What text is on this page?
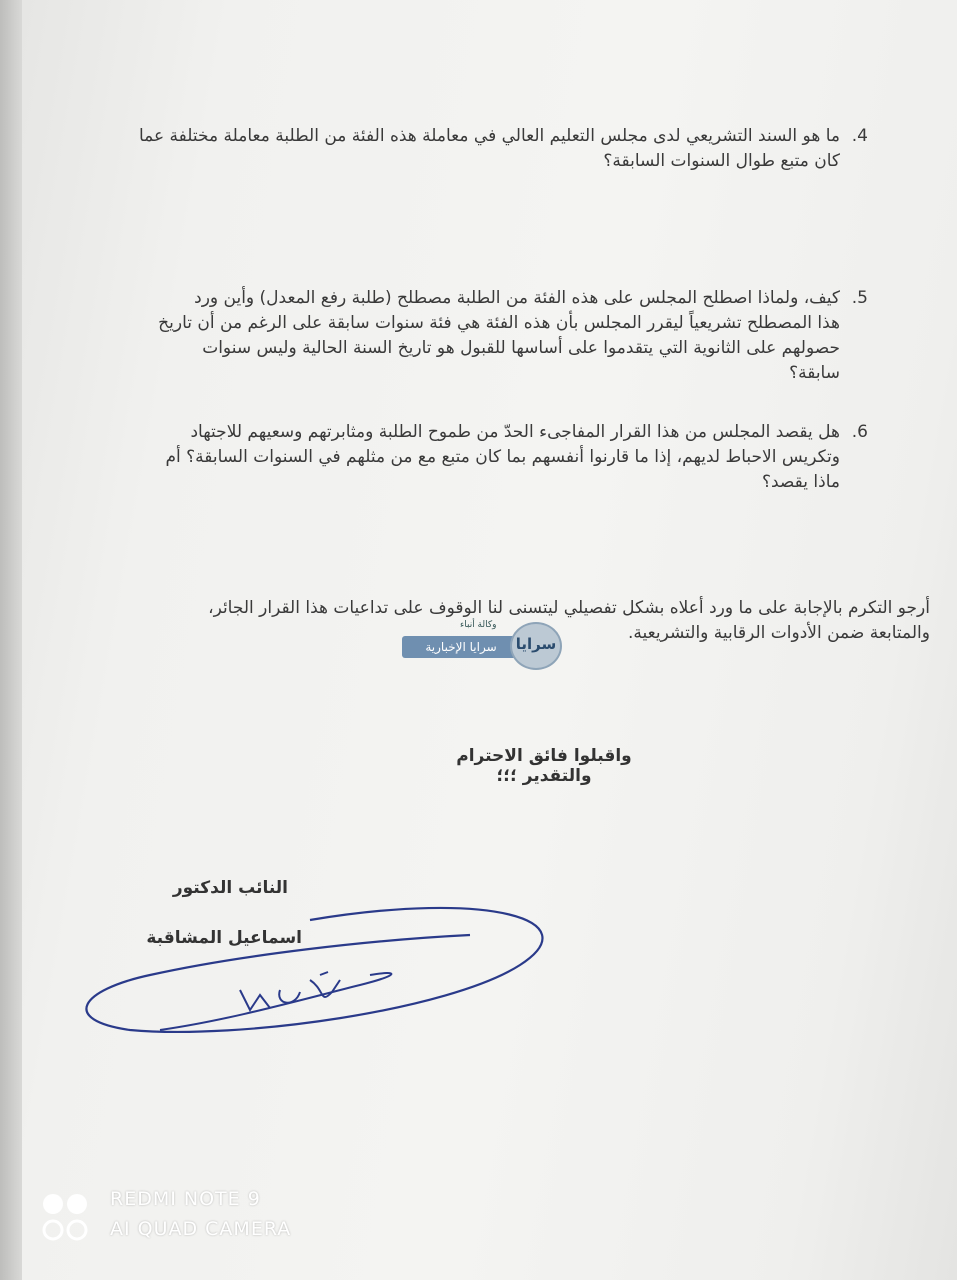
.4
ما هو السند التشريعي لدى مجلس التعليم العالي في معاملة هذه الفئة من الطلبة معاملة مختلفة عما
كان متبع طوال السنوات السابقة؟
.5
كيف، ولماذا اصطلح المجلس على هذه الفئة من الطلبة مصطلح (طلبة رفع المعدل) وأين ورد
هذا المصطلح تشريعياً ليقرر المجلس بأن هذه الفئة هي فئة سنوات سابقة على الرغم من أن تاريخ
حصولهم على الثانوية التي يتقدموا على أساسها للقبول هو تاريخ السنة الحالية وليس سنوات
سابقة؟
.6
هل يقصد المجلس من هذا القرار المفاجىء الحدّ من طموح الطلبة ومثابرتهم وسعيهم للاجتهاد
وتكريس الاحباط لديهم، إذا ما قارنوا أنفسهم بما كان متبع مع من مثلهم في السنوات السابقة؟ أم
ماذا يقصد؟
أرجو التكرم بالإجابة على ما ورد أعلاه بشكل تفصيلي ليتسنى لنا الوقوف على تداعيات هذا القرار الجائر،
والمتابعة ضمن الأدوات الرقابية والتشريعية.
وكالة أنباء
سرايا الإخبارية	سرايا

واقبلوا فائق الاحترام والتقدير ؛؛؛

النائب الدكتور

اسماعيل المشاقبة

REDMI NOTE 9
AI QUAD CAMERA
